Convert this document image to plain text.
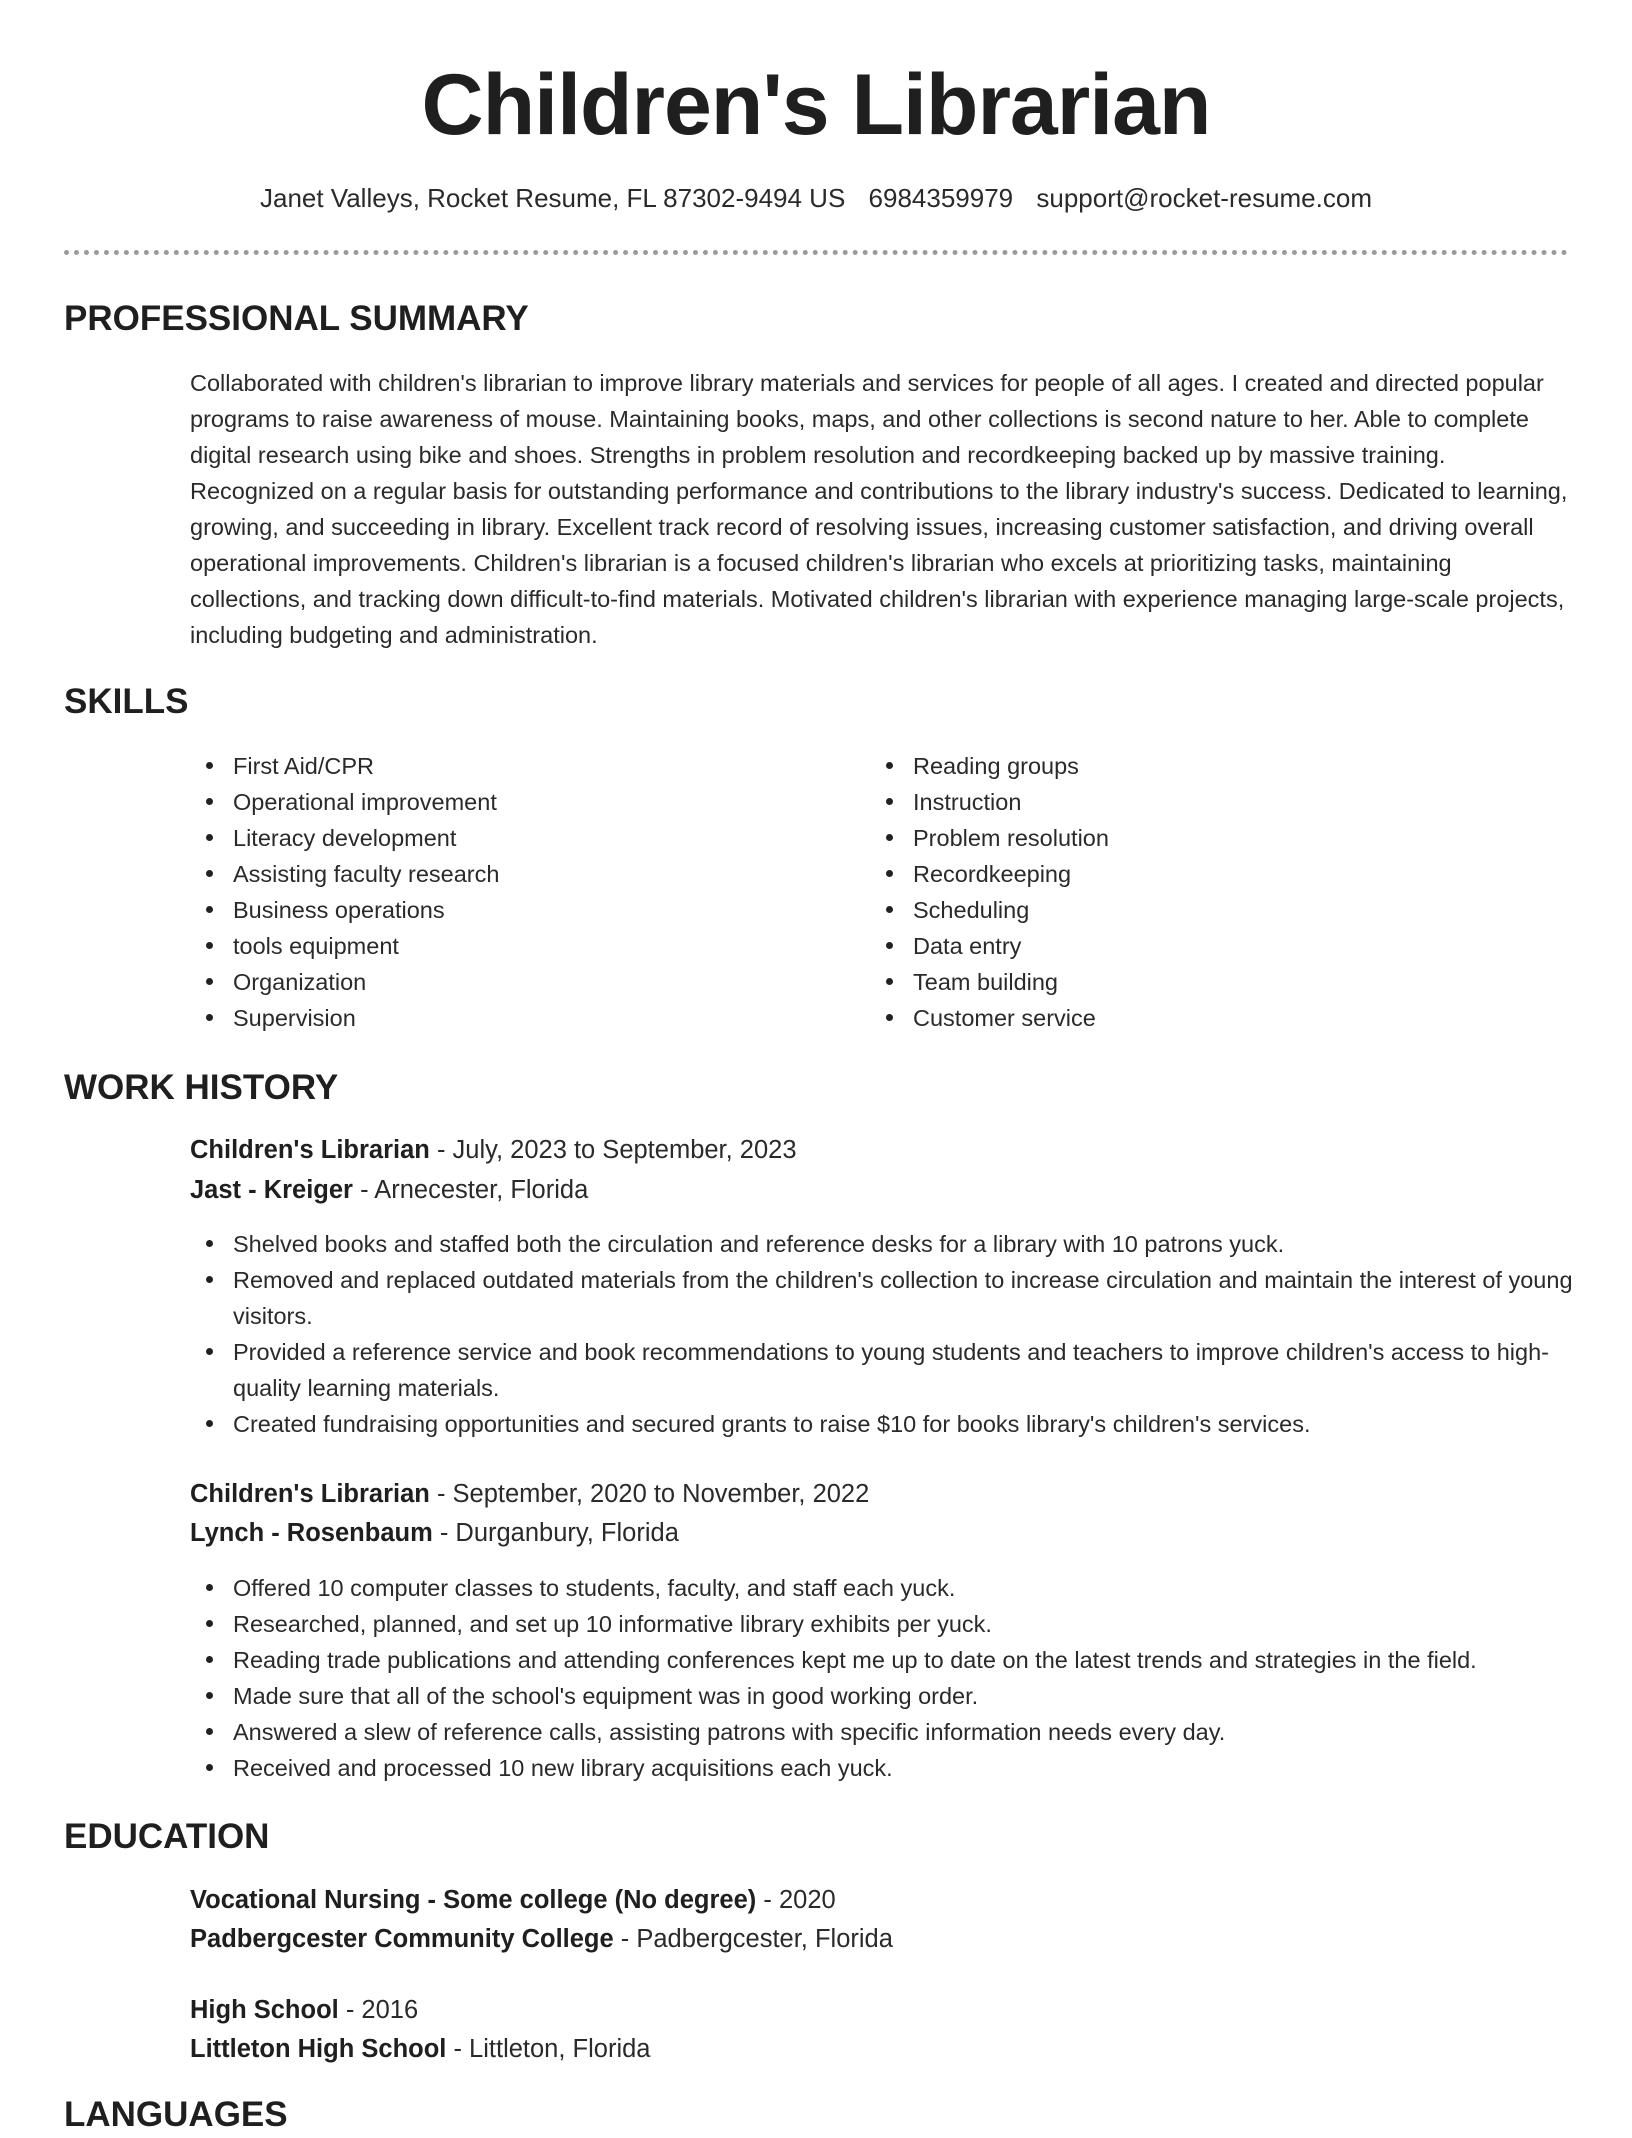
Children's Librarian
Janet Valleys, Rocket Resume, FL 87302-9494 US 6984359979 support@rocket-resume.com
PROFESSIONAL SUMMARY

Collaborated with children's librarian to improve library materials and services for people of all ages. I created and directed popular programs to raise awareness of mouse. Maintaining books, maps, and other collections is second nature to her. Able to complete digital research using bike and shoes. Strengths in problem resolution and recordkeeping backed up by massive training. Recognized on a regular basis for outstanding performance and contributions to the library industry's success. Dedicated to learning, growing, and succeeding in library. Excellent track record of resolving issues, increasing customer satisfaction, and driving overall operational improvements. Children's librarian is a focused children's librarian who excels at prioritizing tasks, maintaining collections, and tracking down difficult-to-find materials. Motivated children's librarian with experience managing large-scale projects, including budgeting and administration.

SKILLS
First Aid/CPR
Operational improvement
Literacy development
Assisting faculty research
Business operations
tools equipment
Organization
Supervision
Reading groups
Instruction
Problem resolution
Recordkeeping
Scheduling
Data entry
Team building
Customer service
WORK HISTORY
Children's Librarian - July, 2023 to September, 2023
Jast - Kreiger - Arnecester, Florida
Shelved books and staffed both the circulation and reference desks for a library with 10 patrons yuck.
Removed and replaced outdated materials from the children's collection to increase circulation and maintain the interest of young visitors.
Provided a reference service and book recommendations to young students and teachers to improve children's access to high-quality learning materials.
Created fundraising opportunities and secured grants to raise $10 for books library's children's services.
Children's Librarian - September, 2020 to November, 2022
Lynch - Rosenbaum - Durganbury, Florida
Offered 10 computer classes to students, faculty, and staff each yuck.
Researched, planned, and set up 10 informative library exhibits per yuck.
Reading trade publications and attending conferences kept me up to date on the latest trends and strategies in the field.
Made sure that all of the school's equipment was in good working order.
Answered a slew of reference calls, assisting patrons with specific information needs every day.
Received and processed 10 new library acquisitions each yuck.
EDUCATION
Vocational Nursing - Some college (No degree) - 2020
Padbergcester Community College - Padbergcester, Florida
High School - 2016
Littleton High School - Littleton, Florida
LANGUAGES
